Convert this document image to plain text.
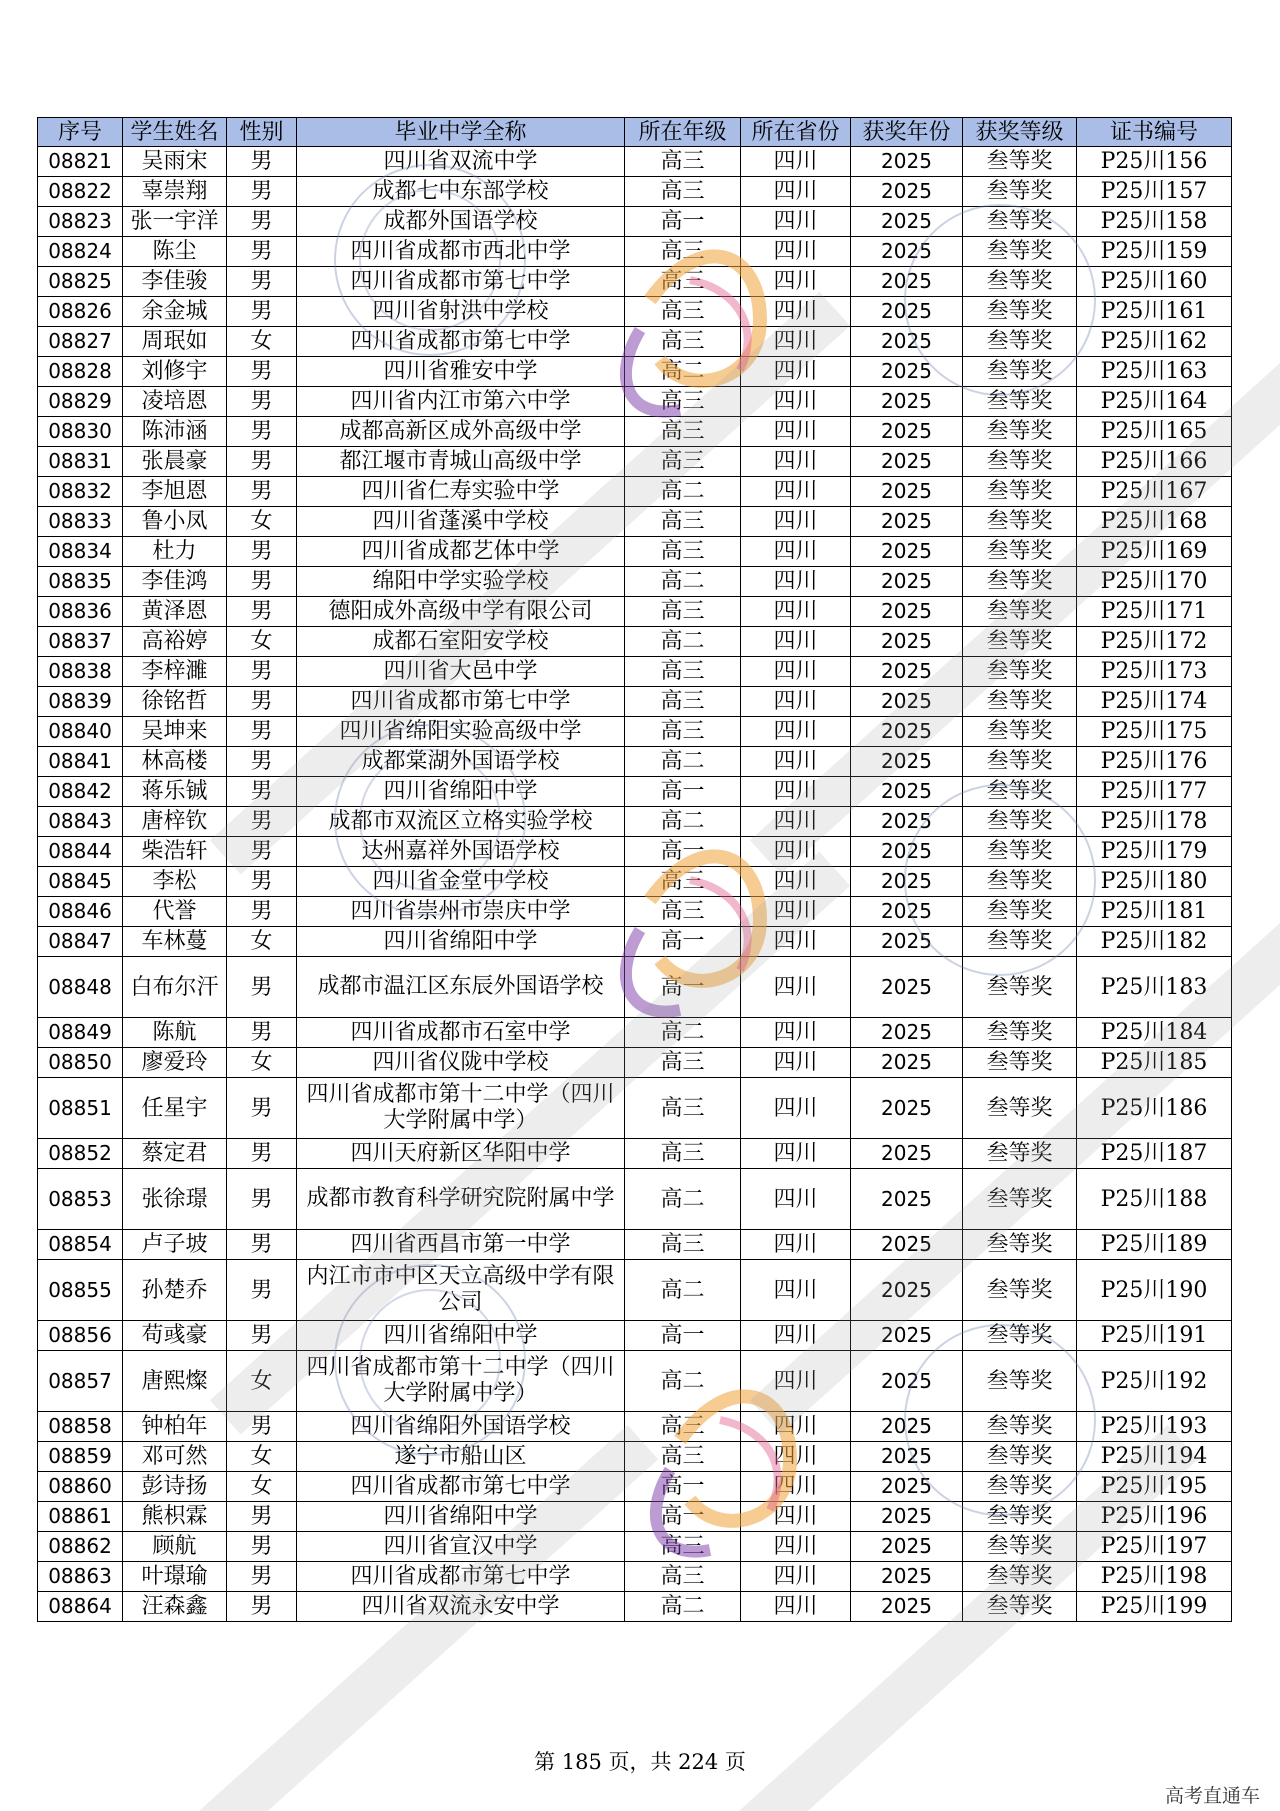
序号	学生姓名	性别	毕业中学全称	所在年级	所在省份	获奖年份	获奖等级	证书编号
08821	吴雨宋	男	四川省双流中学	高三	四川	2025	叁等奖	P25川156
08822	辜崇翔	男	成都七中东部学校	高三	四川	2025	叁等奖	P25川157
08823	张一宇洋	男	成都外国语学校	高一	四川	2025	叁等奖	P25川158
08824	陈尘	男	四川省成都市西北中学	高三	四川	2025	叁等奖	P25川159
08825	李佳骏	男	四川省成都市第七中学	高三	四川	2025	叁等奖	P25川160
08826	余金城	男	四川省射洪中学校	高三	四川	2025	叁等奖	P25川161
08827	周珉如	女	四川省成都市第七中学	高三	四川	2025	叁等奖	P25川162
08828	刘修宇	男	四川省雅安中学	高二	四川	2025	叁等奖	P25川163
08829	凌培恩	男	四川省内江市第六中学	高三	四川	2025	叁等奖	P25川164
08830	陈沛涵	男	成都高新区成外高级中学	高三	四川	2025	叁等奖	P25川165
08831	张晨豪	男	都江堰市青城山高级中学	高三	四川	2025	叁等奖	P25川166
08832	李旭恩	男	四川省仁寿实验中学	高二	四川	2025	叁等奖	P25川167
08833	鲁小凤	女	四川省蓬溪中学校	高三	四川	2025	叁等奖	P25川168
08834	杜力	男	四川省成都艺体中学	高三	四川	2025	叁等奖	P25川169
08835	李佳鸿	男	绵阳中学实验学校	高二	四川	2025	叁等奖	P25川170
08836	黄泽恩	男	德阳成外高级中学有限公司	高三	四川	2025	叁等奖	P25川171
08837	高裕婷	女	成都石室阳安学校	高二	四川	2025	叁等奖	P25川172
08838	李梓濉	男	四川省大邑中学	高三	四川	2025	叁等奖	P25川173
08839	徐铭哲	男	四川省成都市第七中学	高三	四川	2025	叁等奖	P25川174
08840	吴坤来	男	四川省绵阳实验高级中学	高三	四川	2025	叁等奖	P25川175
08841	林高楼	男	成都棠湖外国语学校	高二	四川	2025	叁等奖	P25川176
08842	蒋乐铖	男	四川省绵阳中学	高一	四川	2025	叁等奖	P25川177
08843	唐梓钦	男	成都市双流区立格实验学校	高二	四川	2025	叁等奖	P25川178
08844	柴浩轩	男	达州嘉祥外国语学校	高一	四川	2025	叁等奖	P25川179
08845	李松	男	四川省金堂中学校	高三	四川	2025	叁等奖	P25川180
08846	代誉	男	四川省崇州市崇庆中学	高三	四川	2025	叁等奖	P25川181
08847	车林蔓	女	四川省绵阳中学	高一	四川	2025	叁等奖	P25川182
08848	白布尔汗	男	成都市温江区东辰外国语学校	高一	四川	2025	叁等奖	P25川183
08849	陈航	男	四川省成都市石室中学	高二	四川	2025	叁等奖	P25川184
08850	廖爱玲	女	四川省仪陇中学校	高三	四川	2025	叁等奖	P25川185
08851	任星宇	男	四川省成都市第十二中学（四川大学附属中学）	高三	四川	2025	叁等奖	P25川186
08852	蔡定君	男	四川天府新区华阳中学	高三	四川	2025	叁等奖	P25川187
08853	张徐璟	男	成都市教育科学研究院附属中学	高二	四川	2025	叁等奖	P25川188
08854	卢子坡	男	四川省西昌市第一中学	高三	四川	2025	叁等奖	P25川189
08855	孙楚乔	男	内江市市中区天立高级中学有限公司	高二	四川	2025	叁等奖	P25川190
08856	苟彧豪	男	四川省绵阳中学	高一	四川	2025	叁等奖	P25川191
08857	唐熙燦	女	四川省成都市第十二中学（四川大学附属中学）	高二	四川	2025	叁等奖	P25川192
08858	钟柏年	男	四川省绵阳外国语学校	高三	四川	2025	叁等奖	P25川193
08859	邓可然	女	遂宁市船山区	高三	四川	2025	叁等奖	P25川194
08860	彭诗扬	女	四川省成都市第七中学	高一	四川	2025	叁等奖	P25川195
08861	熊枳霖	男	四川省绵阳中学	高一	四川	2025	叁等奖	P25川196
08862	顾航	男	四川省宣汉中学	高三	四川	2025	叁等奖	P25川197
08863	叶璟瑜	男	四川省成都市第七中学	高三	四川	2025	叁等奖	P25川198
08864	汪森鑫	男	四川省双流永安中学	高二	四川	2025	叁等奖	P25川199
第 185 页，共 224 页
高考直通车
